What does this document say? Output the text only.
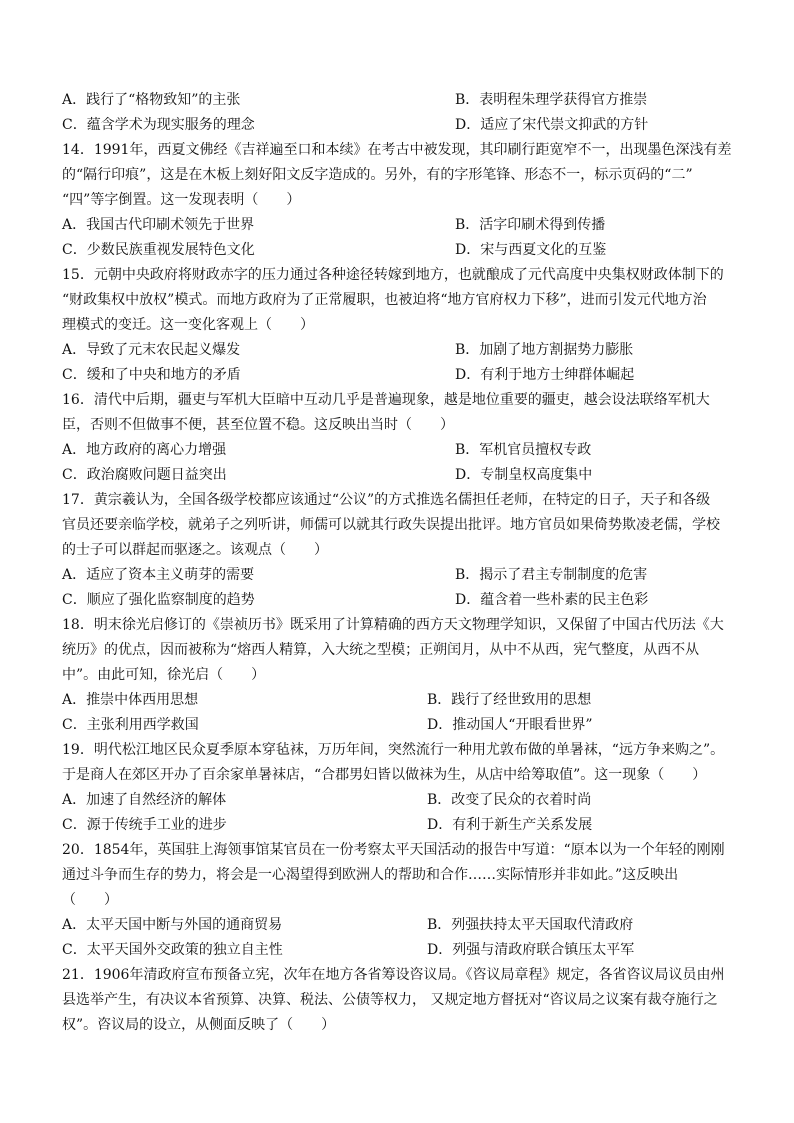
A．践行了“格物致知”的主张	B．表明程朱理学获得官方推崇
C．蕴含学术为现实服务的理念	D．适应了宋代崇文抑武的方针
14．1991年，西夏文佛经《吉祥遍至口和本续》在考古中被发现，其印刷行距宽窄不一，出现墨色深浅有差
的“隔行印痕”，这是在木板上刻好阳文反字造成的。另外，有的字形笔锋、形态不一，标示页码的“二”
“四”等字倒置。这一发现表明（　　）
A．我国古代印刷术领先于世界	B．活字印刷术得到传播
C．少数民族重视发展特色文化	D．宋与西夏文化的互鉴
15．元朝中央政府将财政赤字的压力通过各种途径转嫁到地方，也就酿成了元代高度中央集权财政体制下的
“财政集权中放权”模式。而地方政府为了正常履职，也被迫将“地方官府权力下移”，进而引发元代地方治
理模式的变迁。这一变化客观上（　　）
A．导致了元末农民起义爆发	B．加剧了地方割据势力膨胀
C．缓和了中央和地方的矛盾	D．有利于地方士绅群体崛起
16．清代中后期，疆吏与军机大臣暗中互动几乎是普遍现象，越是地位重要的疆吏，越会设法联络军机大
臣，否则不但做事不便，甚至位置不稳。这反映出当时（　　）
A．地方政府的离心力增强	B．军机官员擅权专政
C．政治腐败问题日益突出	D．专制皇权高度集中
17．黄宗羲认为，全国各级学校都应该通过“公议”的方式推选名儒担任老师，在特定的日子，天子和各级
官员还要亲临学校，就弟子之列听讲，师儒可以就其行政失误提出批评。地方官员如果倚势欺凌老儒，学校
的士子可以群起而驱逐之。该观点（　　）
A．适应了资本主义萌芽的需要	B．揭示了君主专制制度的危害
C．顺应了强化监察制度的趋势	D．蕴含着一些朴素的民主色彩
18．明末徐光启修订的《崇祯历书》既采用了计算精确的西方天文物理学知识，又保留了中国古代历法《大
统历》的优点，因而被称为“熔西人精算，入大统之型模；正朔闰月，从中不从西，宪气整度，从西不从
中”。由此可知，徐光启（　　）
A．推崇中体西用思想	B．践行了经世致用的思想
C．主张利用西学救国	D．推动国人“开眼看世界”
19．明代松江地区民众夏季原本穿毡袜，万历年间，突然流行一种用尤敦布做的单暑袜，“远方争来购之”。
于是商人在郊区开办了百余家单暑袜店，“合郡男妇皆以做袜为生，从店中给筹取值”。这一现象（　　）
A．加速了自然经济的解体	B．改变了民众的衣着时尚
C．源于传统手工业的进步	D．有利于新生产关系发展
20．1854年，英国驻上海领事馆某官员在一份考察太平天国活动的报告中写道：“原本以为一个年轻的刚刚
通过斗争而生存的势力，将会是一心渴望得到欧洲人的帮助和合作……实际情形并非如此。”这反映出
（　　）
A．太平天国中断与外国的通商贸易	B．列强扶持太平天国取代清政府
C．太平天国外交政策的独立自主性	D．列强与清政府联合镇压太平军
21．1906年清政府宣布预备立宪，次年在地方各省筹设咨议局。《咨议局章程》规定，各省咨议局议员由州
县选举产生，有决议本省预算、决算、税法、公债等权力， 又规定地方督抚对“咨议局之议案有裁夺施行之
权”。咨议局的设立，从侧面反映了（　　）
